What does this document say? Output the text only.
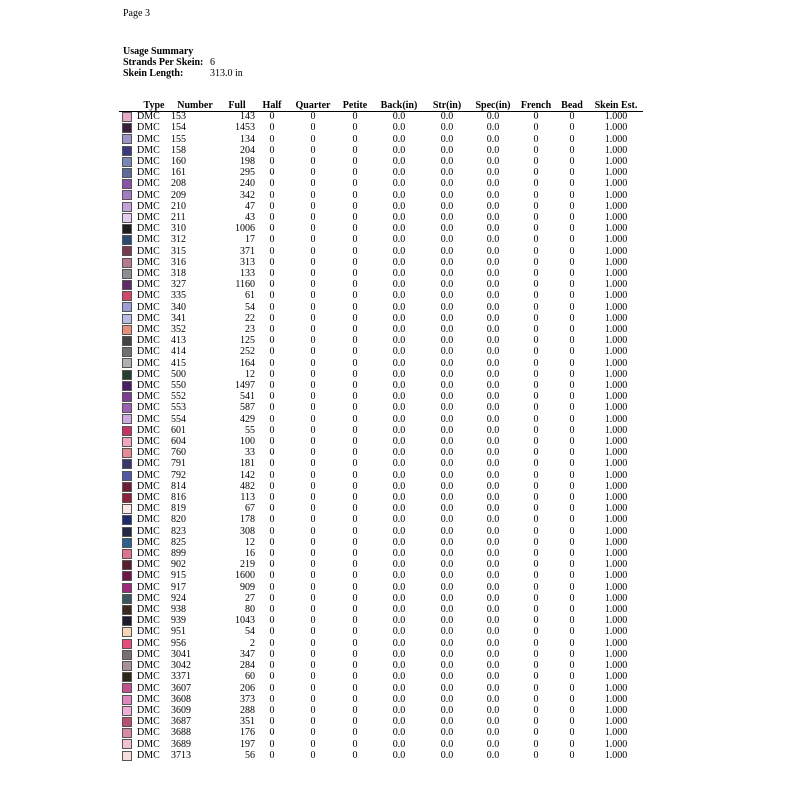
Page 3
Usage Summary
Strands Per Skein: 6
Skein Length:	313.0 in
	Type	Number	Full	Half	Quarter	Petite	Back(in)	Str(in)	Spec(in)	French	Bead	Skein Est.
	DMC	153	143	0	0	0	0.0	0.0	0.0	0	0	1.000
	DMC	154	1453	0	0	0	0.0	0.0	0.0	0	0	1.000
	DMC	155	134	0	0	0	0.0	0.0	0.0	0	0	1.000
	DMC	158	204	0	0	0	0.0	0.0	0.0	0	0	1.000
	DMC	160	198	0	0	0	0.0	0.0	0.0	0	0	1.000
	DMC	161	295	0	0	0	0.0	0.0	0.0	0	0	1.000
	DMC	208	240	0	0	0	0.0	0.0	0.0	0	0	1.000
	DMC	209	342	0	0	0	0.0	0.0	0.0	0	0	1.000
	DMC	210	47	0	0	0	0.0	0.0	0.0	0	0	1.000
	DMC	211	43	0	0	0	0.0	0.0	0.0	0	0	1.000
	DMC	310	1006	0	0	0	0.0	0.0	0.0	0	0	1.000
	DMC	312	17	0	0	0	0.0	0.0	0.0	0	0	1.000
	DMC	315	371	0	0	0	0.0	0.0	0.0	0	0	1.000
	DMC	316	313	0	0	0	0.0	0.0	0.0	0	0	1.000
	DMC	318	133	0	0	0	0.0	0.0	0.0	0	0	1.000
	DMC	327	1160	0	0	0	0.0	0.0	0.0	0	0	1.000
	DMC	335	61	0	0	0	0.0	0.0	0.0	0	0	1.000
	DMC	340	54	0	0	0	0.0	0.0	0.0	0	0	1.000
	DMC	341	22	0	0	0	0.0	0.0	0.0	0	0	1.000
	DMC	352	23	0	0	0	0.0	0.0	0.0	0	0	1.000
	DMC	413	125	0	0	0	0.0	0.0	0.0	0	0	1.000
	DMC	414	252	0	0	0	0.0	0.0	0.0	0	0	1.000
	DMC	415	164	0	0	0	0.0	0.0	0.0	0	0	1.000
	DMC	500	12	0	0	0	0.0	0.0	0.0	0	0	1.000
	DMC	550	1497	0	0	0	0.0	0.0	0.0	0	0	1.000
	DMC	552	541	0	0	0	0.0	0.0	0.0	0	0	1.000
	DMC	553	587	0	0	0	0.0	0.0	0.0	0	0	1.000
	DMC	554	429	0	0	0	0.0	0.0	0.0	0	0	1.000
	DMC	601	55	0	0	0	0.0	0.0	0.0	0	0	1.000
	DMC	604	100	0	0	0	0.0	0.0	0.0	0	0	1.000
	DMC	760	33	0	0	0	0.0	0.0	0.0	0	0	1.000
	DMC	791	181	0	0	0	0.0	0.0	0.0	0	0	1.000
	DMC	792	142	0	0	0	0.0	0.0	0.0	0	0	1.000
	DMC	814	482	0	0	0	0.0	0.0	0.0	0	0	1.000
	DMC	816	113	0	0	0	0.0	0.0	0.0	0	0	1.000
	DMC	819	67	0	0	0	0.0	0.0	0.0	0	0	1.000
	DMC	820	178	0	0	0	0.0	0.0	0.0	0	0	1.000
	DMC	823	308	0	0	0	0.0	0.0	0.0	0	0	1.000
	DMC	825	12	0	0	0	0.0	0.0	0.0	0	0	1.000
	DMC	899	16	0	0	0	0.0	0.0	0.0	0	0	1.000
	DMC	902	219	0	0	0	0.0	0.0	0.0	0	0	1.000
	DMC	915	1600	0	0	0	0.0	0.0	0.0	0	0	1.000
	DMC	917	909	0	0	0	0.0	0.0	0.0	0	0	1.000
	DMC	924	27	0	0	0	0.0	0.0	0.0	0	0	1.000
	DMC	938	80	0	0	0	0.0	0.0	0.0	0	0	1.000
	DMC	939	1043	0	0	0	0.0	0.0	0.0	0	0	1.000
	DMC	951	54	0	0	0	0.0	0.0	0.0	0	0	1.000
	DMC	956	2	0	0	0	0.0	0.0	0.0	0	0	1.000
	DMC	3041	347	0	0	0	0.0	0.0	0.0	0	0	1.000
	DMC	3042	284	0	0	0	0.0	0.0	0.0	0	0	1.000
	DMC	3371	60	0	0	0	0.0	0.0	0.0	0	0	1.000
	DMC	3607	206	0	0	0	0.0	0.0	0.0	0	0	1.000
	DMC	3608	373	0	0	0	0.0	0.0	0.0	0	0	1.000
	DMC	3609	288	0	0	0	0.0	0.0	0.0	0	0	1.000
	DMC	3687	351	0	0	0	0.0	0.0	0.0	0	0	1.000
	DMC	3688	176	0	0	0	0.0	0.0	0.0	0	0	1.000
	DMC	3689	197	0	0	0	0.0	0.0	0.0	0	0	1.000
	DMC	3713	56	0	0	0	0.0	0.0	0.0	0	0	1.000
